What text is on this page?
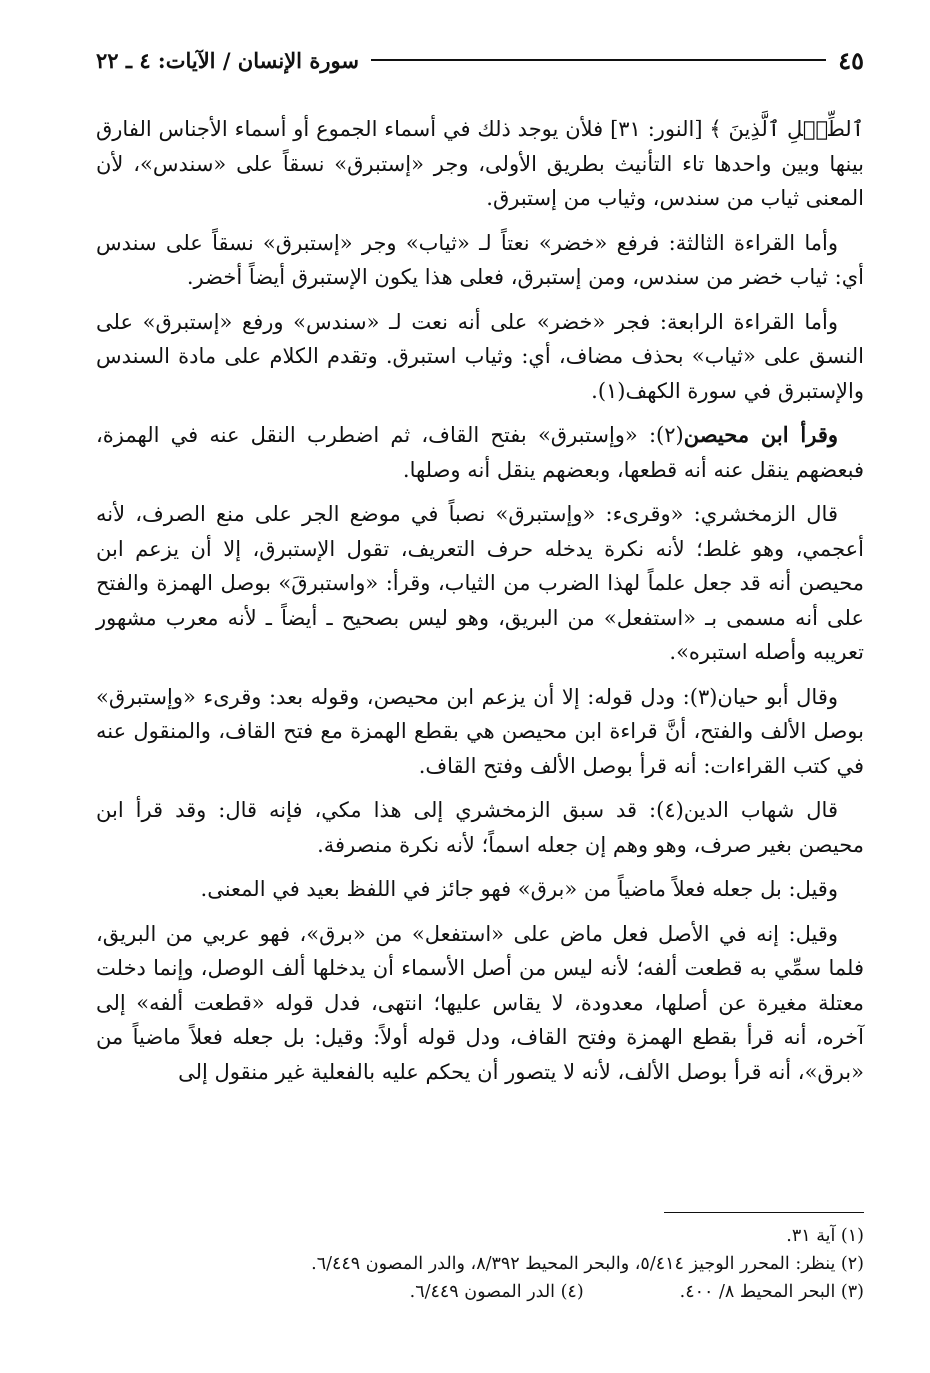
سورة الإنسان / الآيات: ٤ ـ ٢٢	٤٥

ٱلطِّفۡلِ ٱلَّذِينَ ﴾ [النور: ٣١] فلأن يوجد ذلك في أسماء الجموع أو أسماء الأجناس الفارق بينها وبين واحدها تاء التأنيث بطريق الأولى، وجر «إستبرق» نسقاً على «سندس»، لأن المعنى ثياب من سندس، وثياب من إستبرق.

وأما القراءة الثالثة: فرفع «خضر» نعتاً لـ «ثياب» وجر «إستبرق» نسقاً على سندس أي: ثياب خضر من سندس، ومن إستبرق، فعلى هذا يكون الإستبرق أيضاً أخضر.

وأما القراءة الرابعة: فجر «خضر» على أنه نعت لـ «سندس» ورفع «إستبرق» على النسق على «ثياب» بحذف مضاف، أي: وثياب استبرق. وتقدم الكلام على مادة السندس والإستبرق في سورة الكهف(١).

وقرأ ابن محيصن(٢): «وإستبرق» بفتح القاف، ثم اضطرب النقل عنه في الهمزة، فبعضهم ينقل عنه أنه قطعها، وبعضهم ينقل أنه وصلها.

قال الزمخشري: «وقرىء: «وإستبرق» نصباً في موضع الجر على منع الصرف، لأنه أعجمي، وهو غلط؛ لأنه نكرة يدخله حرف التعريف، تقول الإستبرق، إلا أن يزعم ابن محيصن أنه قد جعل علماً لهذا الضرب من الثياب، وقرأ: «واستبرقَ» بوصل الهمزة والفتح على أنه مسمى بـ «استفعل» من البريق، وهو ليس بصحيح ـ أيضاً ـ لأنه معرب مشهور تعريبه وأصله استبره».

وقال أبو حيان(٣): ودل قوله: إلا أن يزعم ابن محيصن، وقوله بعد: وقرىء «وإستبرق» بوصل الألف والفتح، أنَّ قراءة ابن محيصن هي بقطع الهمزة مع فتح القاف، والمنقول عنه في كتب القراءات: أنه قرأ بوصل الألف وفتح القاف.

قال شهاب الدين(٤): قد سبق الزمخشري إلى هذا مكي، فإنه قال: وقد قرأ ابن محيصن بغير صرف، وهو وهم إن جعله اسماً؛ لأنه نكرة منصرفة.

وقيل: بل جعله فعلاً ماضياً من «برق» فهو جائز في اللفظ بعيد في المعنى.

وقيل: إنه في الأصل فعل ماض على «استفعل» من «برق»، فهو عربي من البريق، فلما سمِّي به قطعت ألفه؛ لأنه ليس من أصل الأسماء أن يدخلها ألف الوصل، وإنما دخلت معتلة مغيرة عن أصلها، معدودة، لا يقاس عليها؛ انتهى، فدل قوله «قطعت ألفه» إلى آخره، أنه قرأ بقطع الهمزة وفتح القاف، ودل قوله أولاً: وقيل: بل جعله فعلاً ماضياً من «برق»، أنه قرأ بوصل الألف، لأنه لا يتصور أن يحكم عليه بالفعلية غير منقول إلى

(١) آية ٣١.
(٢) ينظر: المحرر الوجيز ٥/٤١٤، والبحر المحيط ٨/٣٩٢، والدر المصون ٦/٤٤٩.
(٣) البحر المحيط ٨/ ٤٠٠.
(٤) الدر المصون ٦/٤٤٩.
